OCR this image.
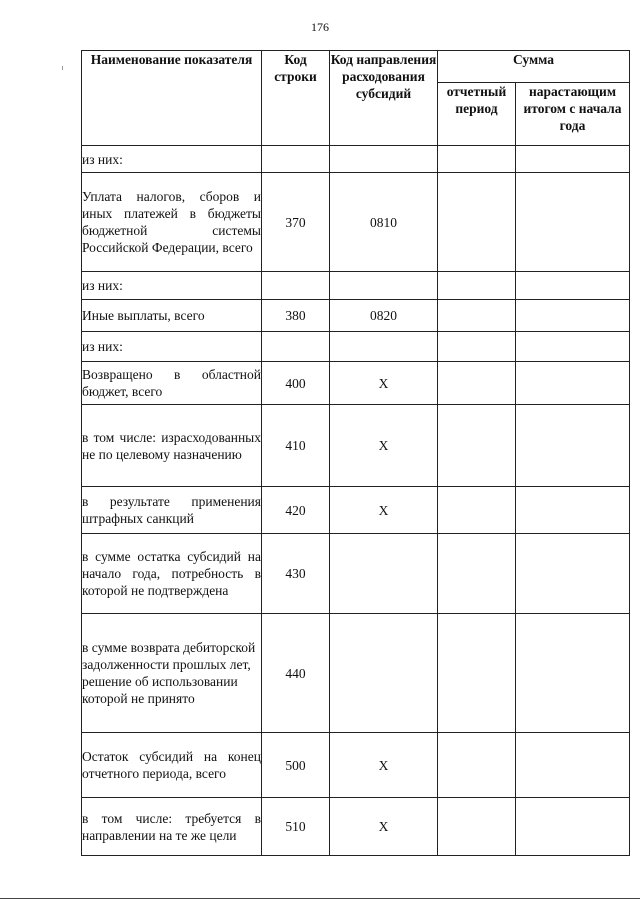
176
Наименование показателя	Код строки	Код направления расходования субсидий	Сумма	
			отчетный период	нарастающим итогом с начала года
из них:				
Уплата налогов, сборов и иных платежей в бюджеты бюджетной системы Российской Федерации, всего	370	0810		
из них:				
Иные выплаты, всего	380	0820		
из них:				
Возвращено в областной бюджет, всего	400	X		
в том числе: израсходованных не по целевому назначению	410	X		
в результате применения штрафных санкций	420	X		
в сумме остатка субсидий на начало года, потребность в которой не подтверждена	430			
в сумме возврата дебиторской задолженности прошлых лет, решение об использовании которой не принято	440			
Остаток субсидий на конец отчетного периода, всего	500	X		
в том числе: требуется в направлении на те же цели	510	X		
